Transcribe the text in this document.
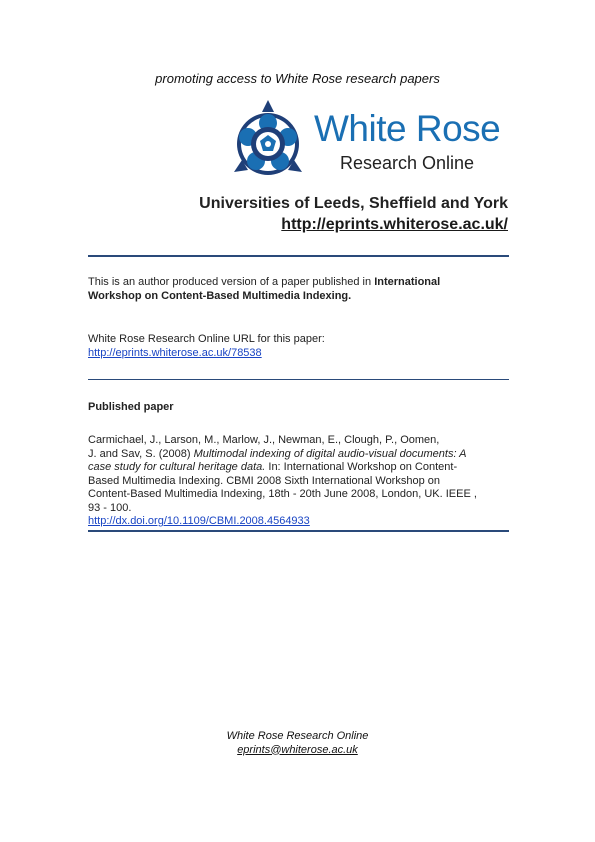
promoting access to White Rose research papers
White Rose
Research Online
Universities of Leeds, Sheffield and York
http://eprints.whiterose.ac.uk/
This is an author produced version of a paper published in International
Workshop on Content-Based Multimedia Indexing.
White Rose Research Online URL for this paper:
http://eprints.whiterose.ac.uk/78538
Published paper
Carmichael, J., Larson, M., Marlow, J., Newman, E., Clough, P., Oomen,
J. and Sav, S. (2008) Multimodal indexing of digital audio-visual documents: A
case study for cultural heritage data. In: International Workshop on Content-
Based Multimedia Indexing. CBMI 2008 Sixth International Workshop on
Content-Based Multimedia Indexing, 18th - 20th June 2008, London, UK. IEEE ,
93 - 100.
http://dx.doi.org/10.1109/CBMI.2008.4564933
White Rose Research Online
eprints@whiterose.ac.uk
